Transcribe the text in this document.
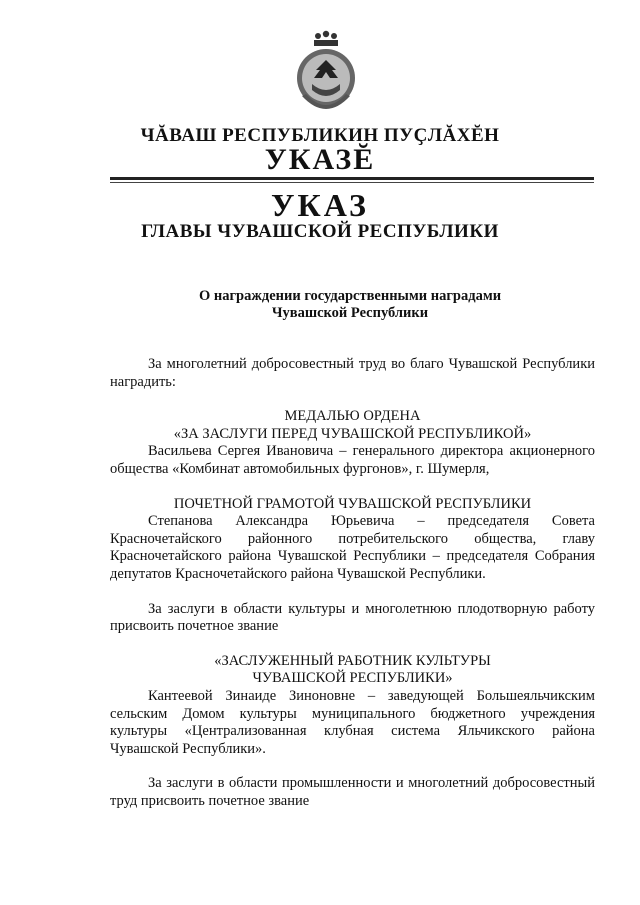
ЧĂВАШ РЕСПУБЛИКИН ПУҪЛĂХĔН
УКАЗĔ
УКАЗ
ГЛАВЫ ЧУВАШСКОЙ РЕСПУБЛИКИ
О награждении государственными наградами
Чувашской Республики

За многолетний добросовестный труд во благо Чувашской Республики наградить:

МЕДАЛЬЮ ОРДЕНА

«ЗА ЗАСЛУГИ ПЕРЕД ЧУВАШСКОЙ РЕСПУБЛИКОЙ»

Васильева Сергея Ивановича – генерального директора акционерного общества «Комбинат автомобильных фургонов», г. Шумерля,

ПОЧЕТНОЙ ГРАМОТОЙ ЧУВАШСКОЙ РЕСПУБЛИКИ

Степанова Александра Юрьевича – председателя Совета Красночетайского районного потребительского общества, главу Красночетайского района Чувашской Республики – председателя Собрания депутатов Красночетайского района Чувашской Республики.

За заслуги в области культуры и многолетнюю плодотворную работу присвоить почетное звание

«ЗАСЛУЖЕННЫЙ РАБОТНИК КУЛЬТУРЫ

ЧУВАШСКОЙ РЕСПУБЛИКИ»

Кантеевой Зинаиде Зиноновне – заведующей Большеяльчикским сельским Домом культуры муниципального бюджетного учреждения культуры «Централизованная клубная система Яльчикского района Чувашской Республики».

За заслуги в области промышленности и многолетний добросовестный труд присвоить почетное звание
